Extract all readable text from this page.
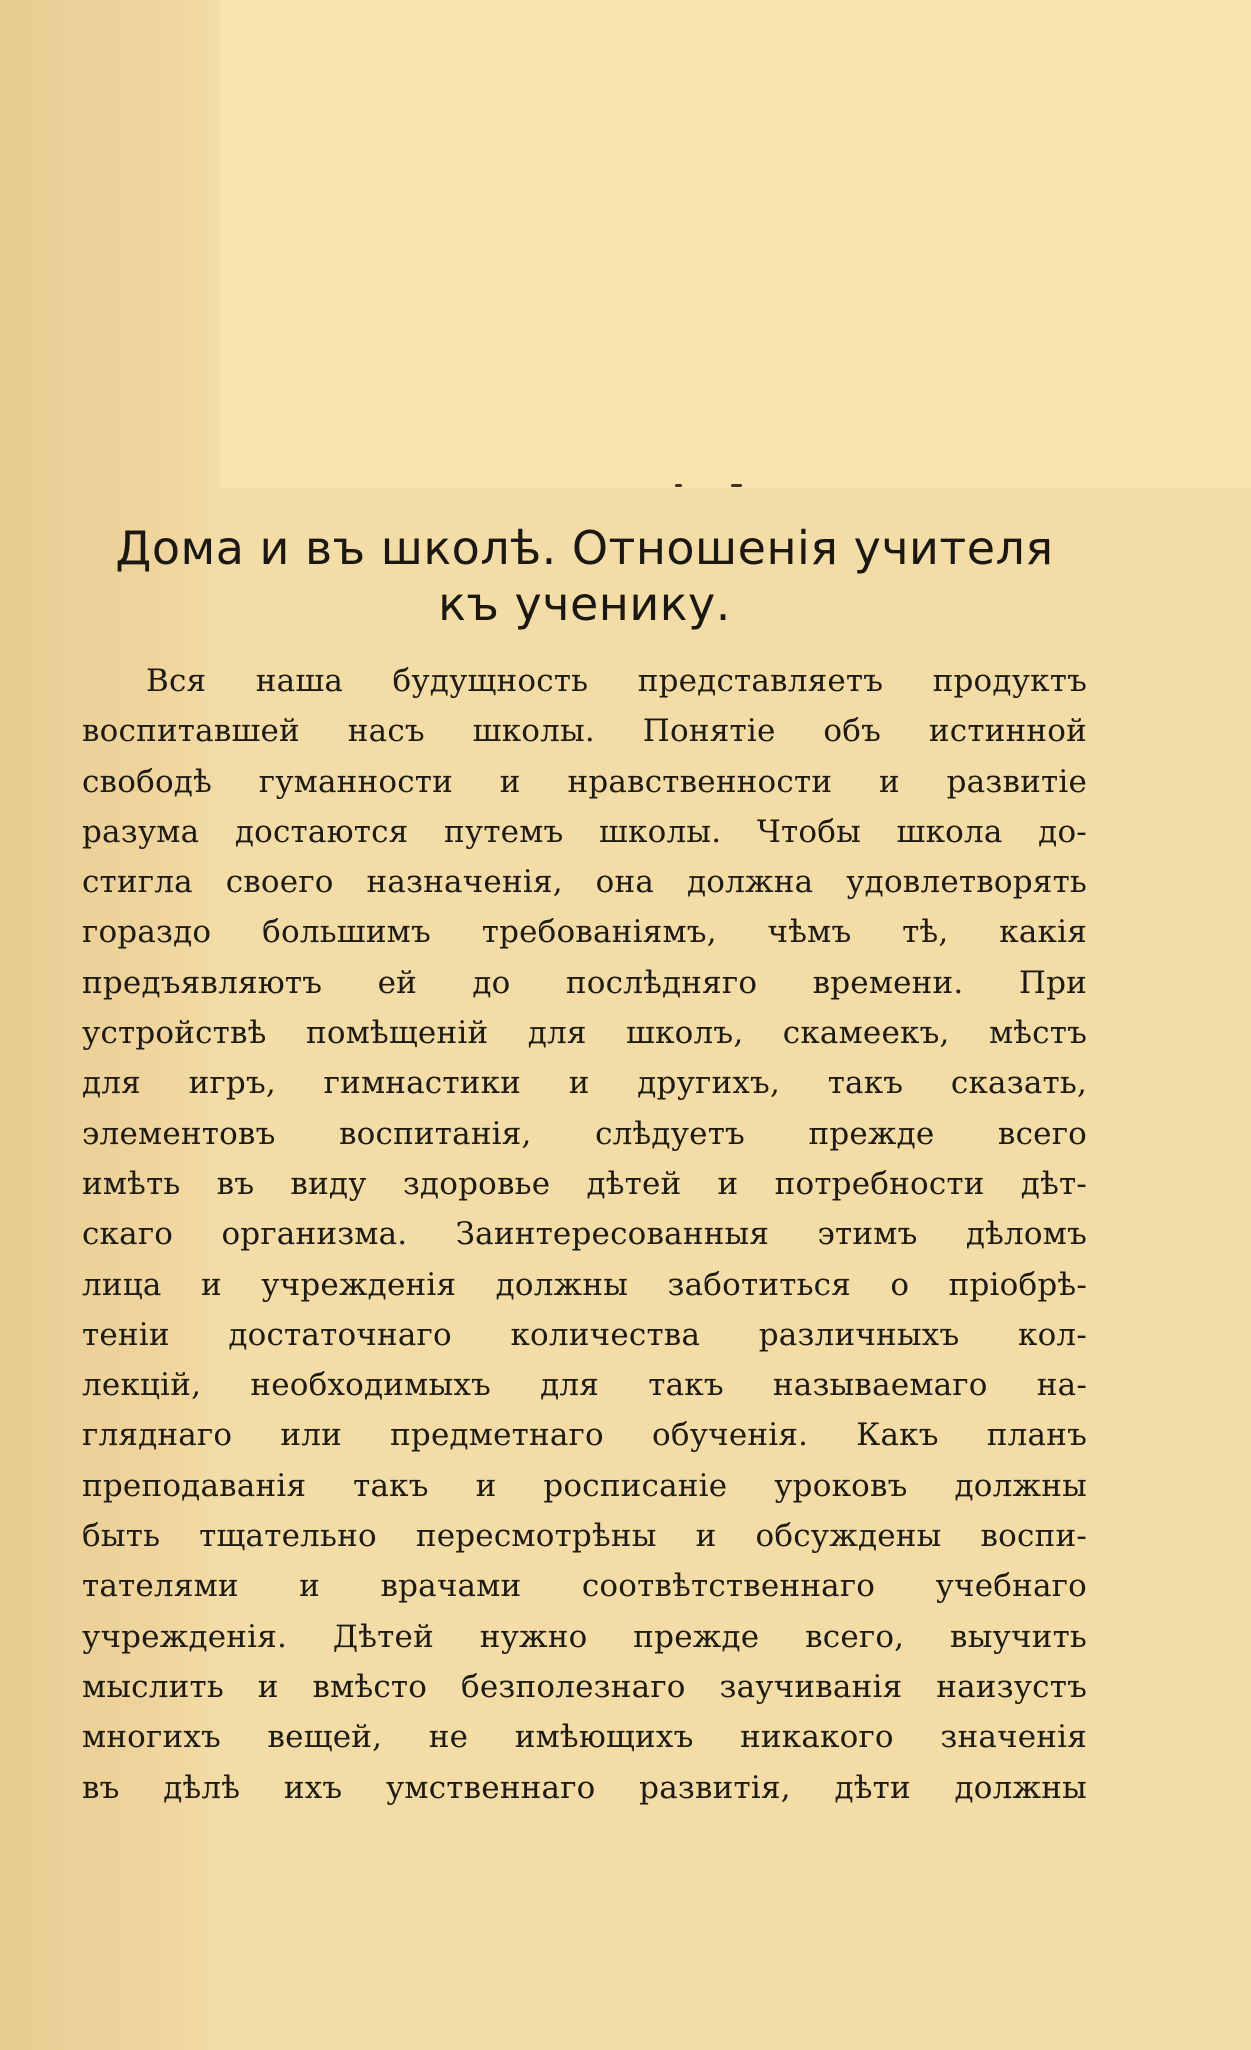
Дома и въ школѣ. Отношенія учителя
къ ученику.
Вся наша будущность представляетъ продуктъ
воспитавшей насъ школы. Понятіе объ истинной
свободѣ гуманности и нравственности и развитіе
разума достаются путемъ школы. Чтобы школа до-
стигла своего назначенія, она должна удовлетворять
гораздо большимъ требованіямъ, чѣмъ тѣ, какія
предъявляютъ ей до послѣдняго времени. При
устройствѣ помѣщеній для школъ, скамеекъ, мѣстъ
для игръ, гимнастики и другихъ, такъ сказать,
элементовъ воспитанія, слѣдуетъ прежде всего
имѣть въ виду здоровье дѣтей и потребности дѣт-
скаго организма. Заинтересованныя этимъ дѣломъ
лица и учрежденія должны заботиться о пріобрѣ-
теніи достаточнаго количества различныхъ кол-
лекцій, необходимыхъ для такъ называемаго на-
гляднаго или предметнаго обученія. Какъ планъ
преподаванія такъ и росписаніе уроковъ должны
быть тщательно пересмотрѣны и обсуждены воспи-
тателями и врачами соотвѣтственнаго учебнаго
учрежденія. Дѣтей нужно прежде всего, выучить
мыслить и вмѣсто безполезнаго заучиванія наизустъ
многихъ вещей, не имѣющихъ никакого значенія
въ дѣлѣ ихъ умственнаго развитія, дѣти должны
